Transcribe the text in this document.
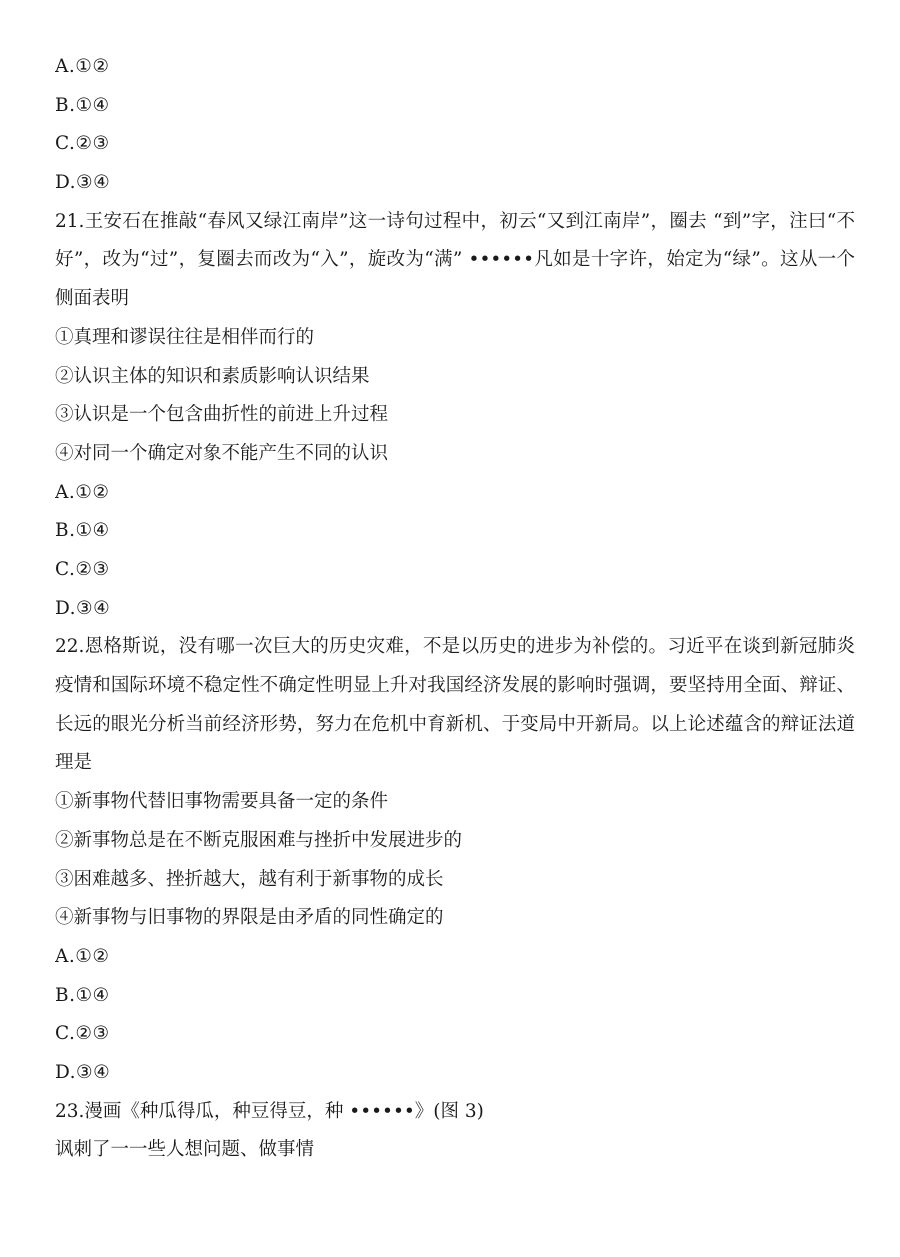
A.①②
B.①④
C.②③
D.③④
21.王安石在推敲“春风又绿江南岸”这一诗句过程中，初云“又到江南岸”，圈去 “到”字，注曰“不好”，改为“过”，复圈去而改为“入”，旋改为“满” ••••••凡如是十字许，始定为“绿”。这从一个侧面表明
①真理和谬误往往是相伴而行的
②认识主体的知识和素质影响认识结果
③认识是一个包含曲折性的前进上升过程
④对同一个确定对象不能产生不同的认识
A.①②
B.①④
C.②③
D.③④
22.恩格斯说，没有哪一次巨大的历史灾难，不是以历史的进步为补偿的。习近平在谈到新冠肺炎疫情和国际环境不稳定性不确定性明显上升对我国经济发展的影响时强调，要坚持用全面、辩证、长远的眼光分析当前经济形势，努力在危机中育新机、于变局中开新局。以上论述蕴含的辩证法道理是
①新事物代替旧事物需要具备一定的条件
②新事物总是在不断克服困难与挫折中发展进步的
③困难越多、挫折越大，越有利于新事物的成长
④新事物与旧事物的界限是由矛盾的同性确定的
A.①②
B.①④
C.②③
D.③④
23.漫画《种瓜得瓜，种豆得豆，种 ••••••》(图 3)
讽刺了一一些人想问题、做事情
